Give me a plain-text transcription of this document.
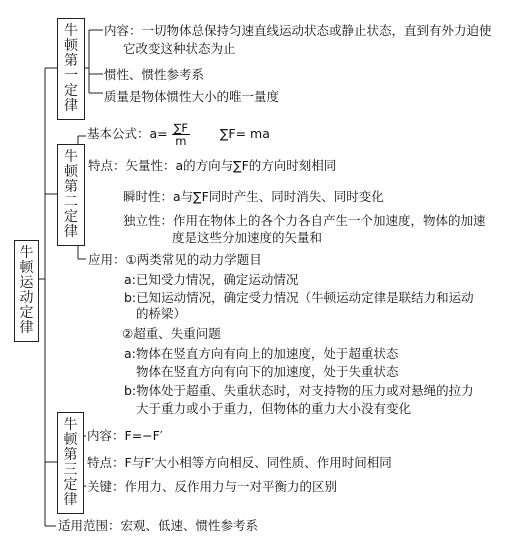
牛
顿
运
动
定
律
牛
顿
第
一
定
律
内容：一切物体总保持匀速直线运动状态或静止状态，直到有外力迫使
它改变这种状态为止
惯性、惯性参考系
质量是物体惯性大小的唯一量度
牛
顿
第
二
定
律
基本公式：$a= \frac{\sum F}{m} \sum F=$ ma
特点：矢量性：a的方向与∑F的方向时刻相同
瞬时性：a与∑F同时产生、同时消失、同时变化
独立性：作用在物体上的各个力各自产生一个加速度，物体的加速
度是这些分加速度的矢量和
应用：①两类常见的动力学题目
a:已知受力情况，确定运动情况
b:已知运动情况，确定受力情况（牛顿运动定律是联结力和运动
的桥梁）
②超重、失重问题
a:物体在竖直方向有向上的加速度，处于超重状态
物体在竖直方向有向下的加速度，处于失重状态
b:物体处于超重、失重状态时，对支持物的压力或对悬绳的拉力
大于重力或小于重力，但物体的重力大小没有变化
牛
顿
第
三
定
律
内容：F=−F′
特点：F与F′大小相等方向相反、同性质、作用时间相同
关键：作用力、反作用力与一对平衡力的区别
适用范围：宏观、低速、惯性参考系
